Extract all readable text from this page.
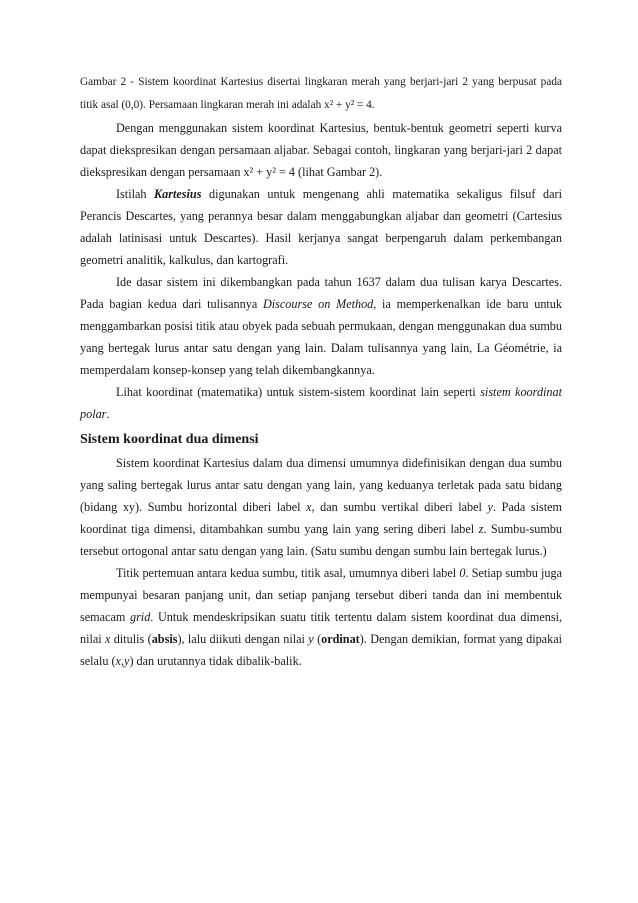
Gambar 2 - Sistem koordinat Kartesius disertai lingkaran merah yang berjari-jari 2 yang berpusat pada titik asal (0,0). Persamaan lingkaran merah ini adalah x² + y² = 4.

Dengan menggunakan sistem koordinat Kartesius, bentuk-bentuk geometri seperti kurva dapat diekspresikan dengan persamaan aljabar. Sebagai contoh, lingkaran yang berjari-jari 2 dapat diekspresikan dengan persamaan x² + y² = 4 (lihat Gambar 2).

Istilah Kartesius digunakan untuk mengenang ahli matematika sekaligus filsuf dari Perancis Descartes, yang perannya besar dalam menggabungkan aljabar dan geometri (Cartesius adalah latinisasi untuk Descartes). Hasil kerjanya sangat berpengaruh dalam perkembangan geometri analitik, kalkulus, dan kartografi.

Ide dasar sistem ini dikembangkan pada tahun 1637 dalam dua tulisan karya Descartes. Pada bagian kedua dari tulisannya Discourse on Method, ia memperkenalkan ide baru untuk menggambarkan posisi titik atau obyek pada sebuah permukaan, dengan menggunakan dua sumbu yang bertegak lurus antar satu dengan yang lain. Dalam tulisannya yang lain, La Géométrie, ia memperdalam konsep-konsep yang telah dikembangkannya.

Lihat koordinat (matematika) untuk sistem-sistem koordinat lain seperti sistem koordinat polar.

Sistem koordinat dua dimensi

Sistem koordinat Kartesius dalam dua dimensi umumnya didefinisikan dengan dua sumbu yang saling bertegak lurus antar satu dengan yang lain, yang keduanya terletak pada satu bidang (bidang xy). Sumbu horizontal diberi label x, dan sumbu vertikal diberi label y. Pada sistem koordinat tiga dimensi, ditambahkan sumbu yang lain yang sering diberi label z. Sumbu-sumbu tersebut ortogonal antar satu dengan yang lain. (Satu sumbu dengan sumbu lain bertegak lurus.)

Titik pertemuan antara kedua sumbu, titik asal, umumnya diberi label 0. Setiap sumbu juga mempunyai besaran panjang unit, dan setiap panjang tersebut diberi tanda dan ini membentuk semacam grid. Untuk mendeskripsikan suatu titik tertentu dalam sistem koordinat dua dimensi, nilai x ditulis (absis), lalu diikuti dengan nilai y (ordinat). Dengan demikian, format yang dipakai selalu (x,y) dan urutannya tidak dibalik-balik.
